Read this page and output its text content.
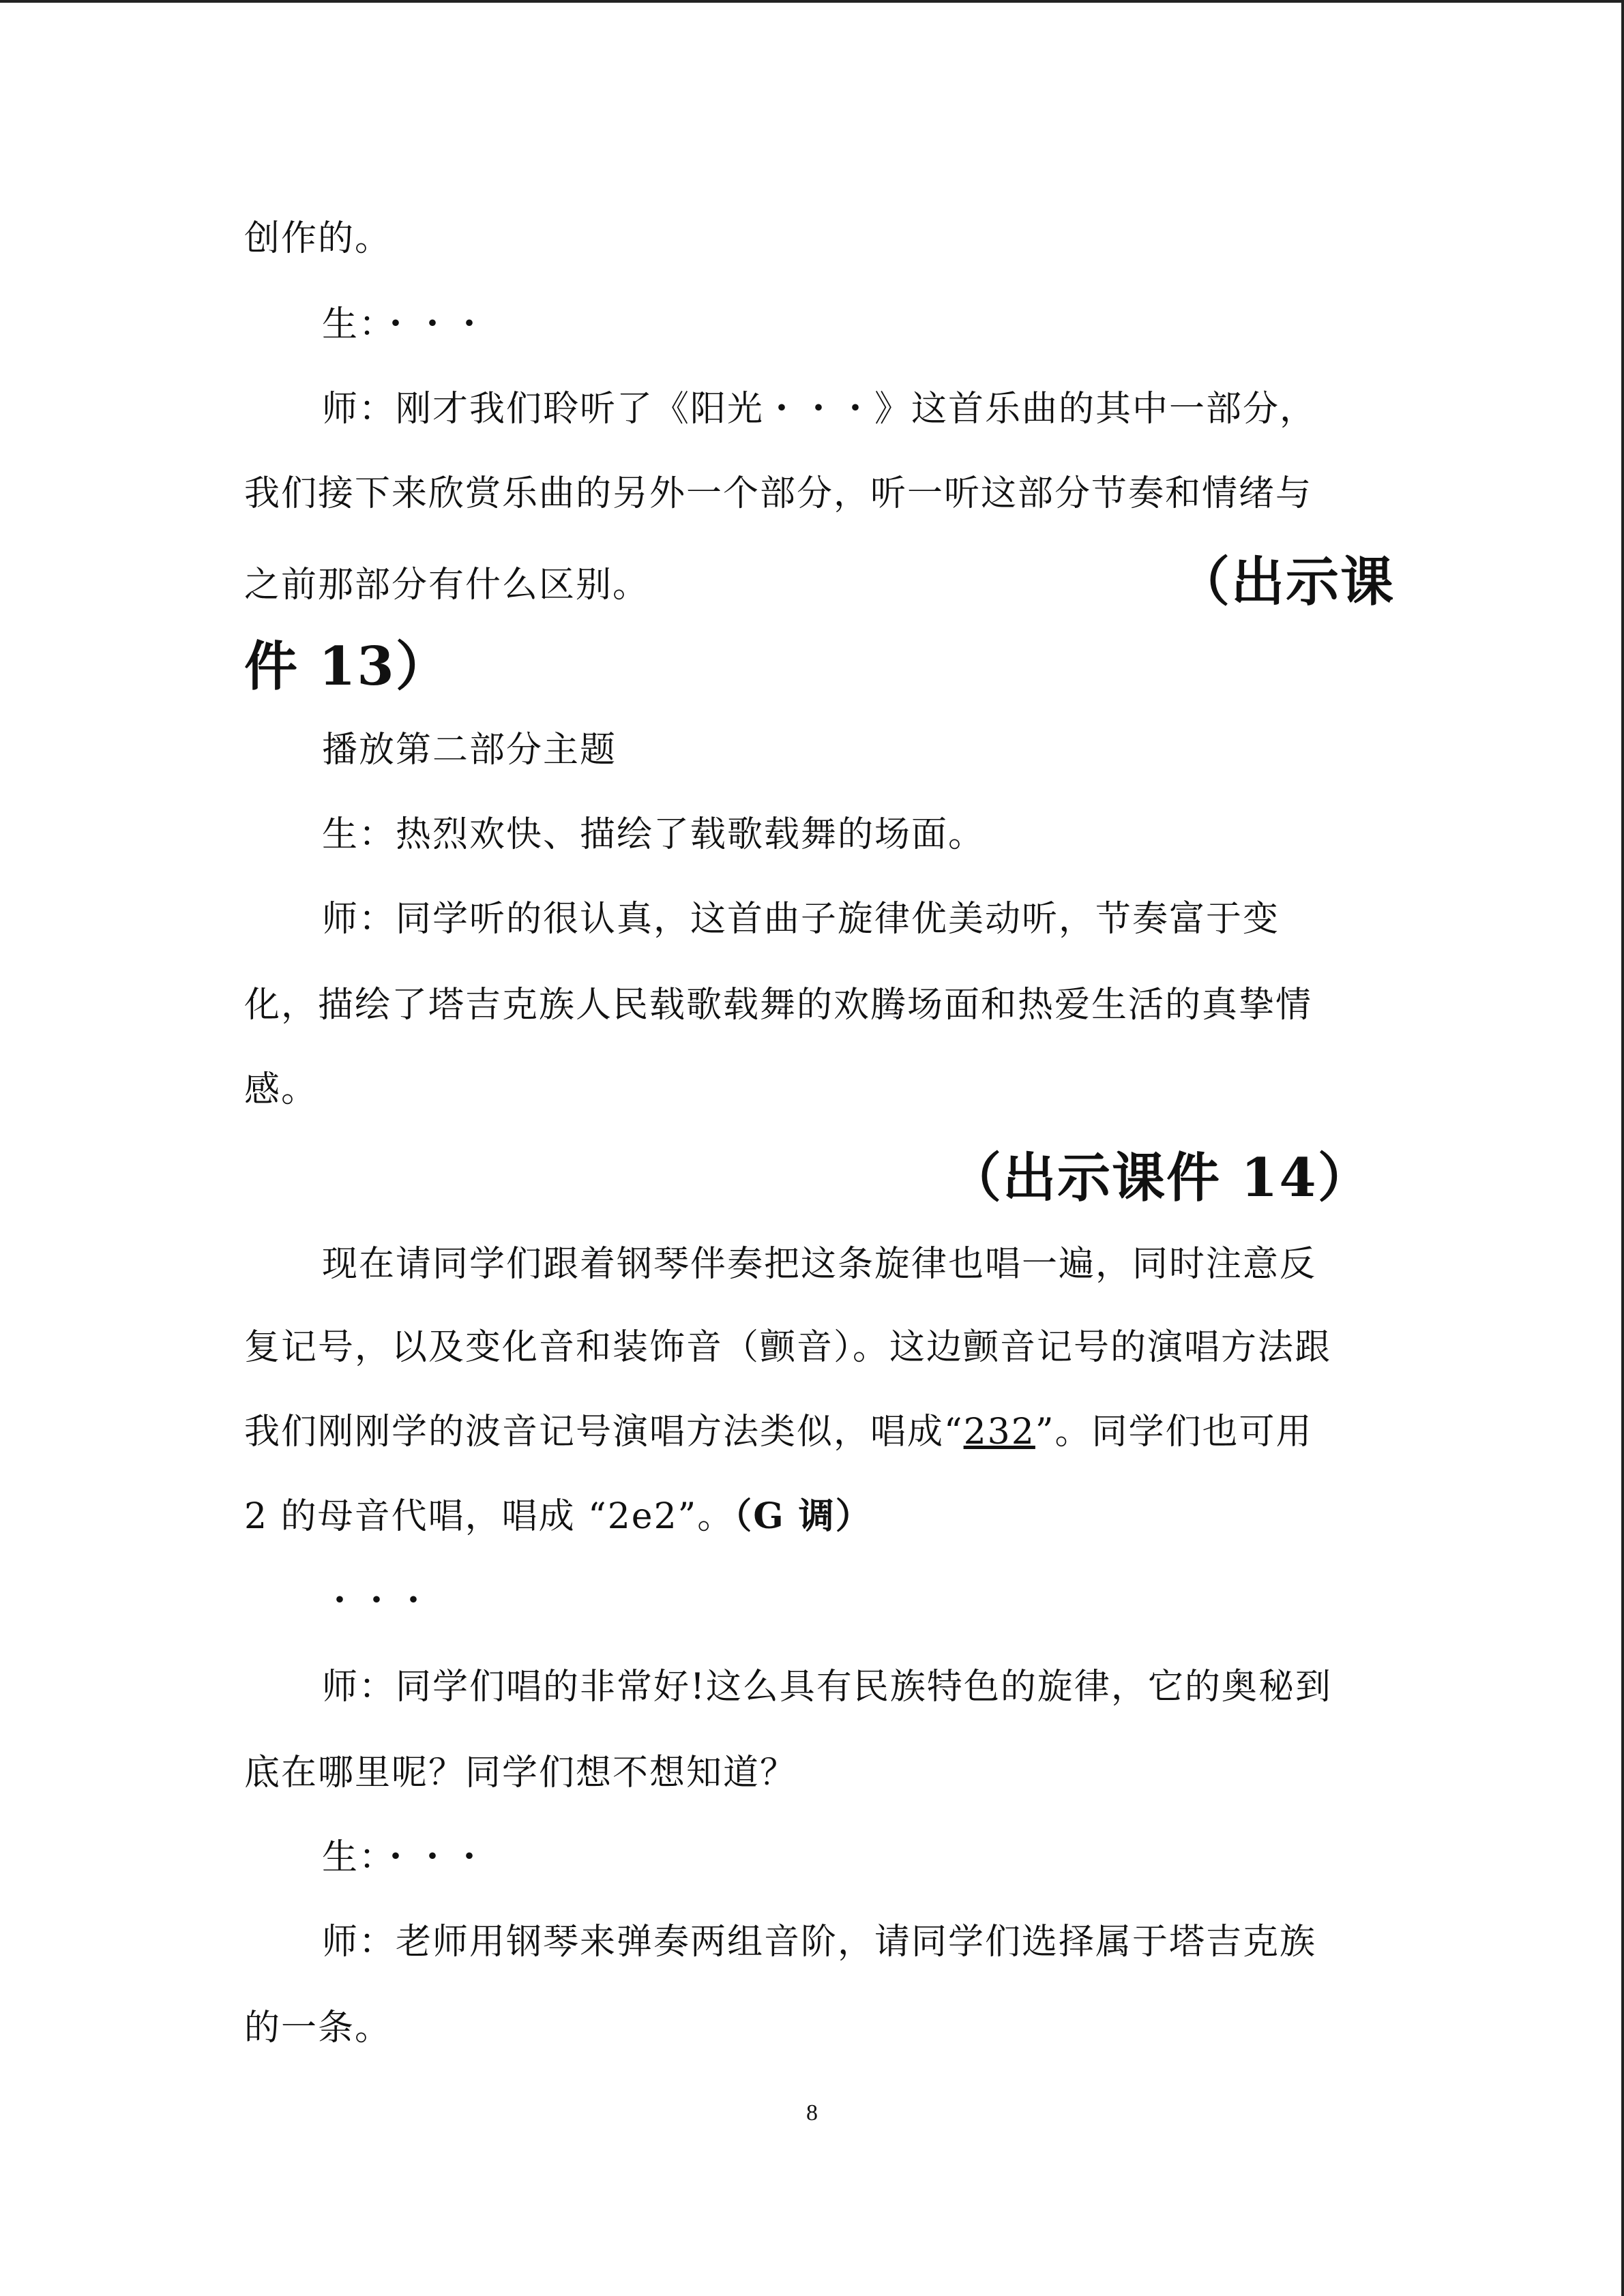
创作的。
生：・・・
师：刚才我们聆听了《阳光・・・》这首乐曲的其中一部分，
我们接下来欣赏乐曲的另外一个部分，听一听这部分节奏和情绪与
之前那部分有什么区别。	（出示课
件 13）
播放第二部分主题
生：热烈欢快、描绘了载歌载舞的场面。
师：同学听的很认真，这首曲子旋律优美动听，节奏富于变
化，描绘了塔吉克族人民载歌载舞的欢腾场面和热爱生活的真挚情
感。
（出示课件 14）
现在请同学们跟着钢琴伴奏把这条旋律也唱一遍，同时注意反
复记号，以及变化音和装饰音（颤音）。这边颤音记号的演唱方法跟
我们刚刚学的波音记号演唱方法类似，唱成“232”。同学们也可用
2 的母音代唱，唱成 “2e2”。（G 调）
・・・
师：同学们唱的非常好!这么具有民族特色的旋律，它的奥秘到
底在哪里呢？同学们想不想知道？
生：・・・
师：老师用钢琴来弹奏两组音阶，请同学们选择属于塔吉克族
的一条。
8
